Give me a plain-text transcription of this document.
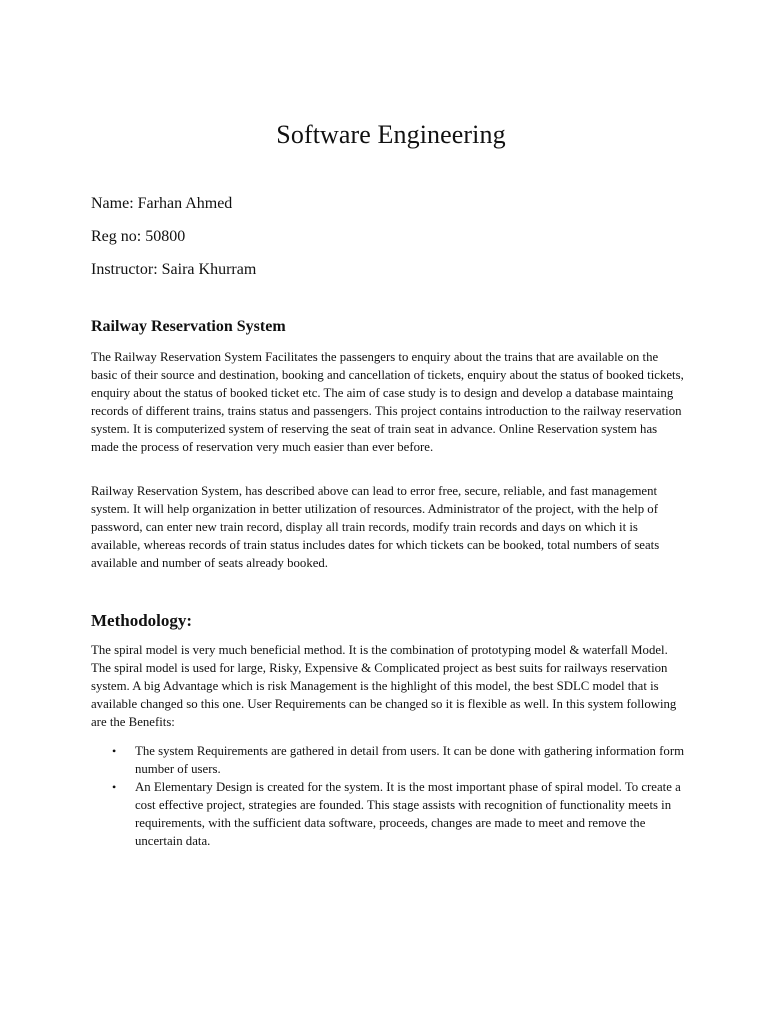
Software Engineering

Name: Farhan Ahmed

Reg no: 50800

Instructor: Saira Khurram

Railway Reservation System

The Railway Reservation System Facilitates the passengers to enquiry about the trains that are available on the basic of their source and destination, booking and cancellation of tickets, enquiry about the status of booked tickets, enquiry about the status of booked ticket etc. The aim of case study is to design and develop a database maintaing records of different trains, trains status and passengers. This project contains introduction to the railway reservation system. It is computerized system of reserving the seat of train seat in advance. Online Reservation system has made the process of reservation very much easier than ever before.

Railway Reservation System, has described above can lead to error free, secure, reliable, and fast management system. It will help organization in better utilization of resources. Administrator of the project, with the help of password, can enter new train record, display all train records, modify train records and days on which it is available, whereas records of train status includes dates for which tickets can be booked, total numbers of seats available and number of seats already booked.

Methodology:

The spiral model is very much beneficial method. It is the combination of prototyping model & waterfall Model. The spiral model is used for large, Risky, Expensive & Complicated project as best suits for railways reservation system. A big Advantage which is risk Management is the highlight of this model, the best SDLC model that is available changed so this one. User Requirements can be changed so it is flexible as well. In this system following are the Benefits:

• The system Requirements are gathered in detail from users. It can be done with gathering information form number of users.
• An Elementary Design is created for the system. It is the most important phase of spiral model. To create a cost effective project, strategies are founded. This stage assists with recognition of functionality meets in requirements, with the sufficient data software, proceeds, changes are made to meet and remove the uncertain data.
